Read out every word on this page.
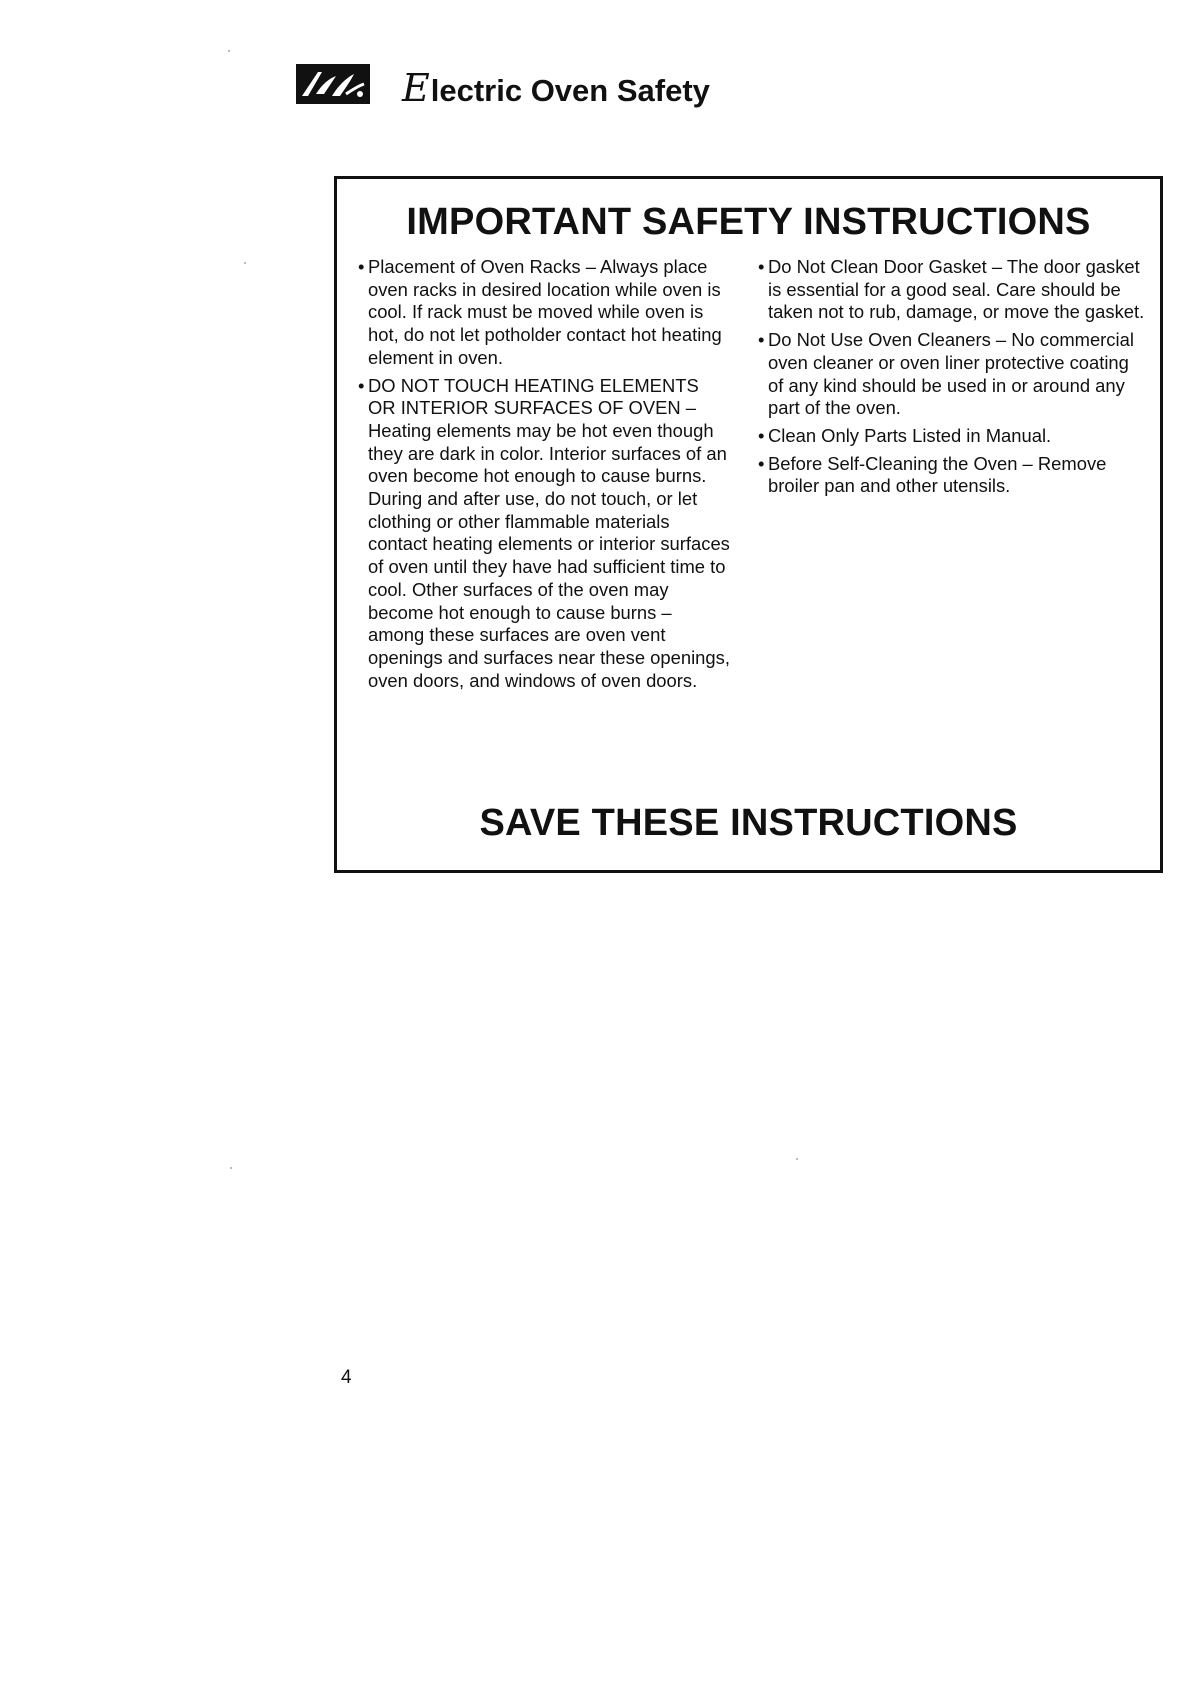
Electric Oven Safety
IMPORTANT SAFETY INSTRUCTIONS
• Placement of Oven Racks – Always place oven racks in desired location while oven is cool. If rack must be moved while oven is hot, do not let potholder contact hot heating element in oven.
• DO NOT TOUCH HEATING ELEMENTS OR INTERIOR SURFACES OF OVEN – Heating elements may be hot even though they are dark in color. Interior surfaces of an oven become hot enough to cause burns. During and after use, do not touch, or let clothing or other flammable materials contact heating elements or interior surfaces of oven until they have had sufficient time to cool. Other surfaces of the oven may become hot enough to cause burns – among these surfaces are oven vent openings and surfaces near these openings, oven doors, and windows of oven doors.
• Do Not Clean Door Gasket – The door gasket is essential for a good seal. Care should be taken not to rub, damage, or move the gasket.
• Do Not Use Oven Cleaners – No commercial oven cleaner or oven liner protective coating of any kind should be used in or around any part of the oven.
• Clean Only Parts Listed in Manual.
• Before Self-Cleaning the Oven – Remove broiler pan and other utensils.
SAVE THESE INSTRUCTIONS
4
